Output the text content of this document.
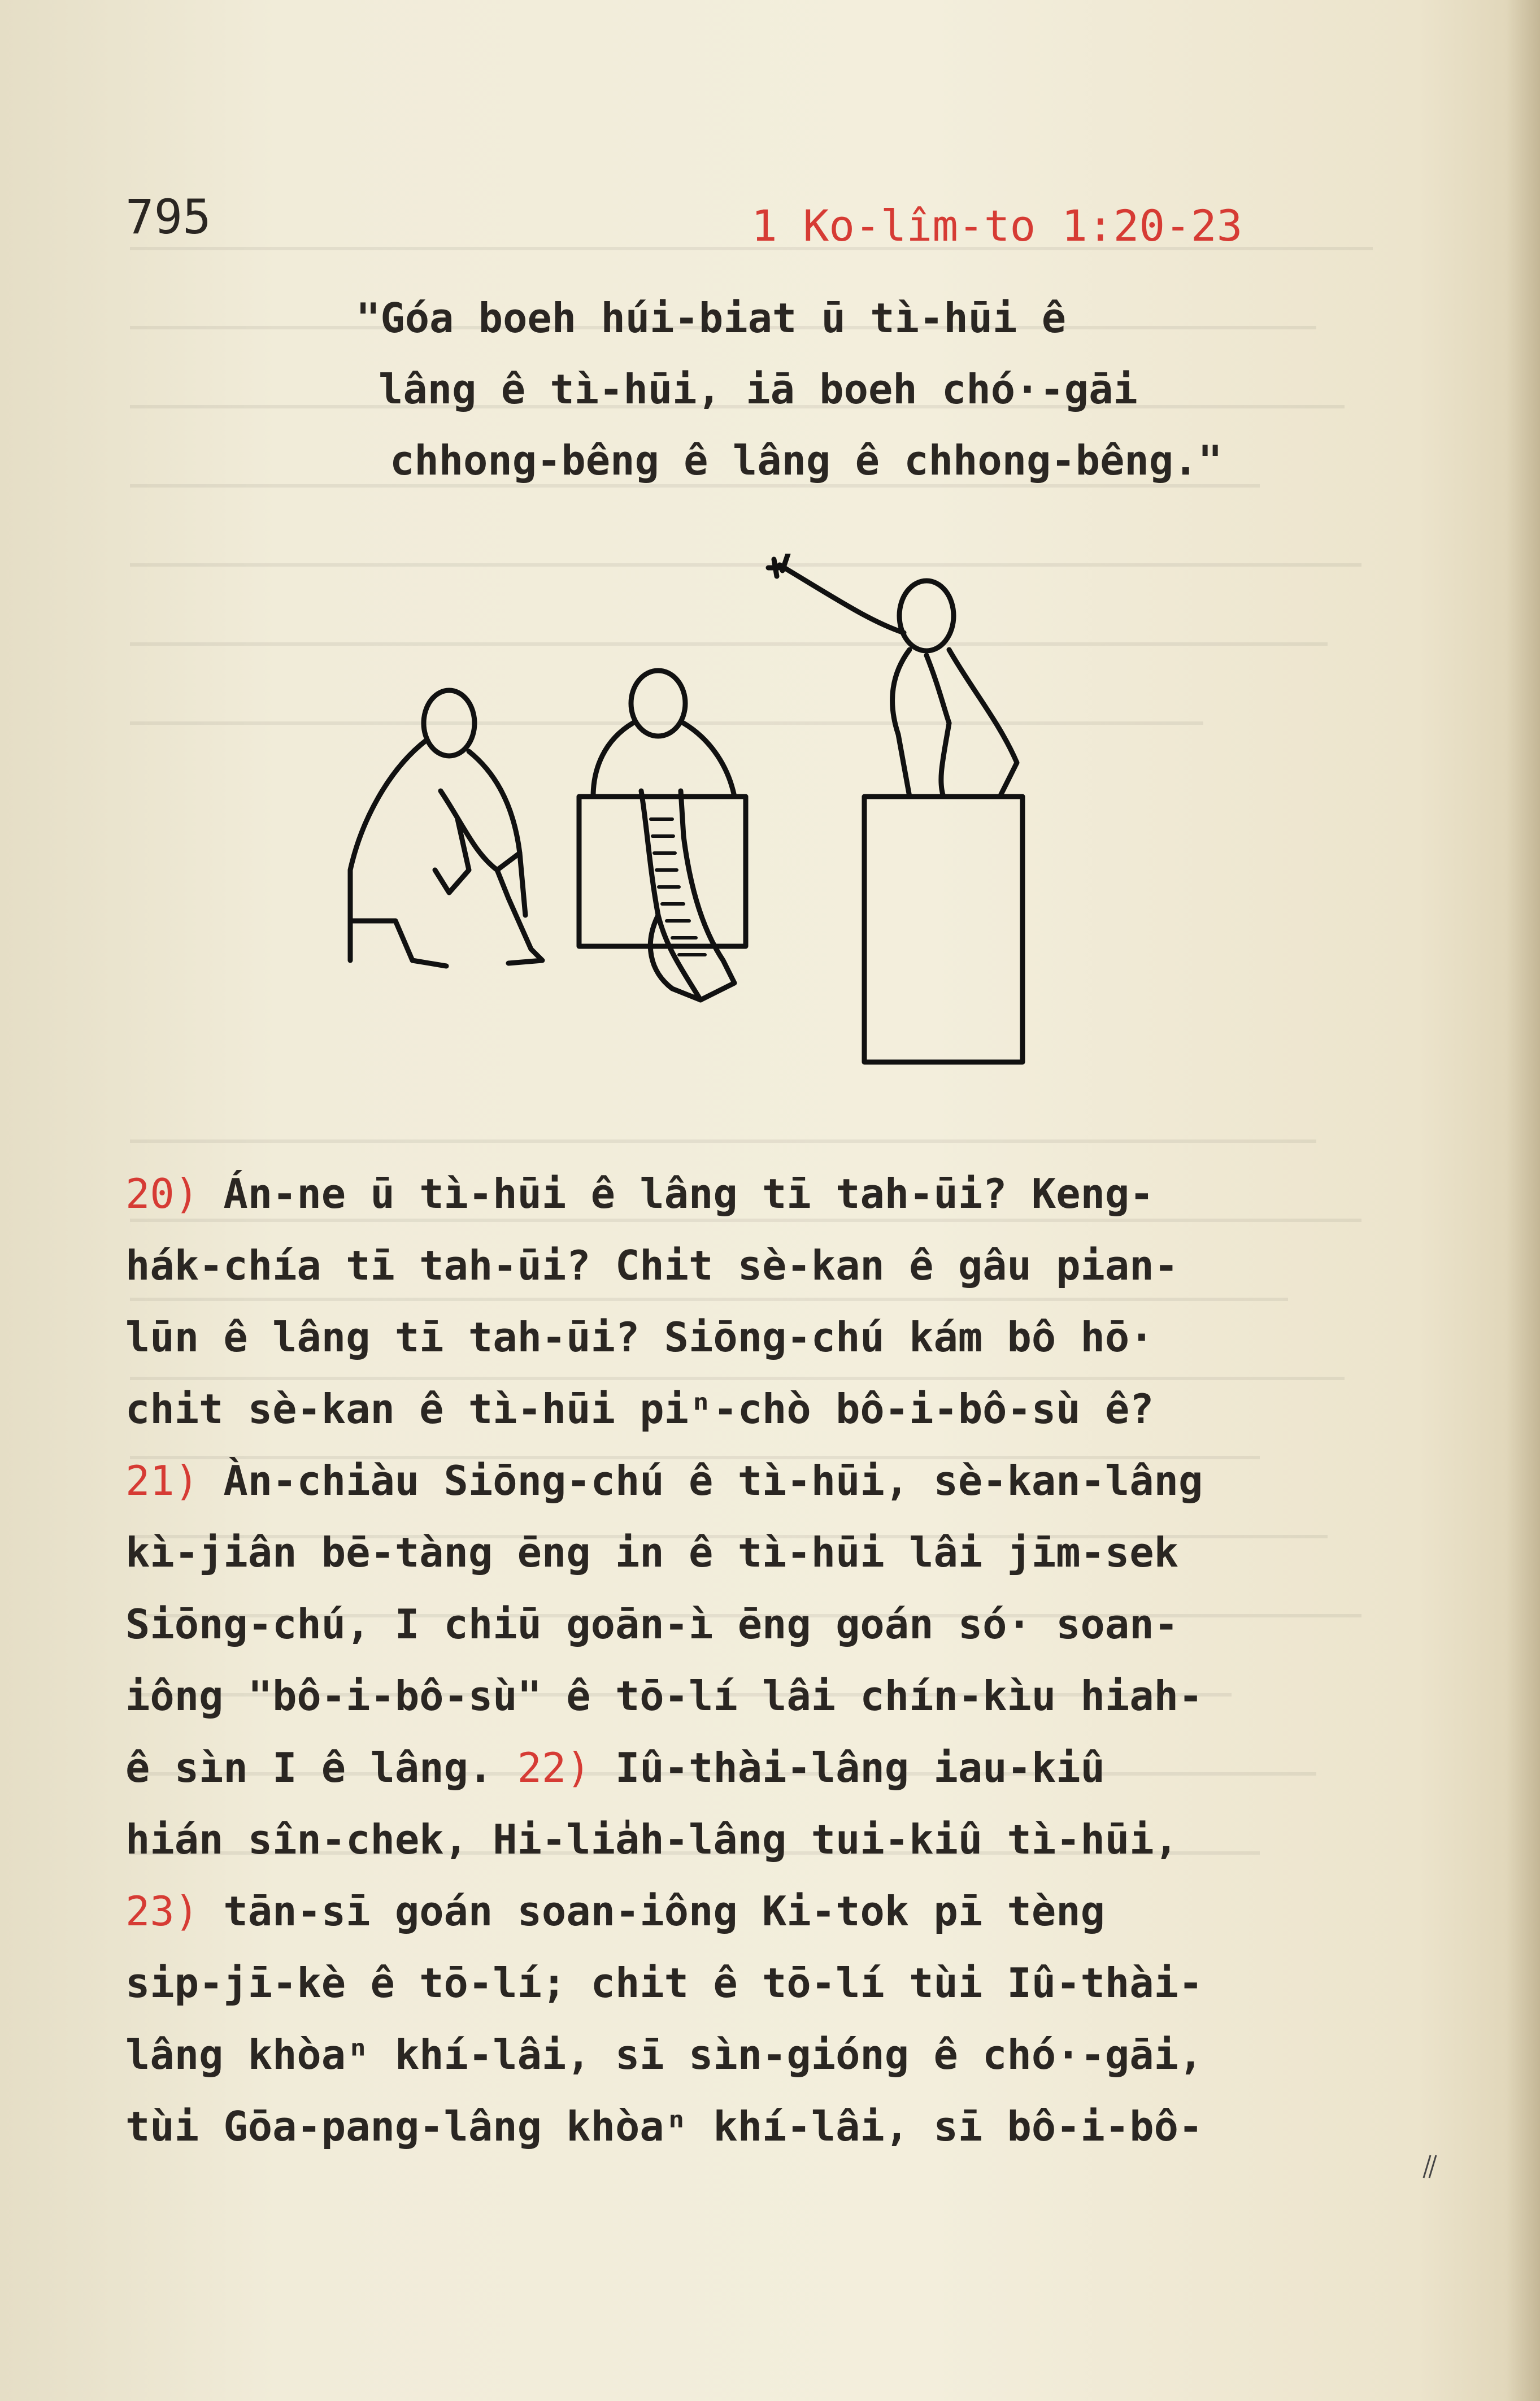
795	1 Ko-lîm-to 1:20-23
"Góa boeh húi-biat ū tì-hūi ê
lâng ê tì-hūi, iā boeh chó·-gāi
chhong-bêng ê lâng ê chhong-bêng."
20) Án-ne ū tì-hūi ê lâng tī tah-ūi? Keng-
hák-chía tī tah-ūi? Chit sè-kan ê gâu pian-
lūn ê lâng tī tah-ūi? Siōng-chú kám bô hō·
chit sè-kan ê tì-hūi piⁿ-chò bô-i-bô-sù ê?
21) Àn-chiàu Siōng-chú ê tì-hūi, sè-kan-lâng
kì-jiân bē-tàng ēng in ê tì-hūi lâi jīm-sek
Siōng-chú, I chiū goān-ì ēng goán só· soan-
iông "bô-i-bô-sù" ê tō-lí lâi chín-kìu hiah-
ê sìn I ê lâng. 22) Iû-thài-lâng iau-kiû
hián sîn-chek, Hi-lia̍h-lâng tui-kiû tì-hūi,
23) tān-sī goán soan-iông Ki-tok pī tèng
sip-jī-kè ê tō-lí; chit ê tō-lí tùi Iû-thài-
lâng khòaⁿ khí-lâi, sī sìn-gióng ê chó·-gāi,
tùi Gōa-pang-lâng khòaⁿ khí-lâi, sī bô-i-bô-
